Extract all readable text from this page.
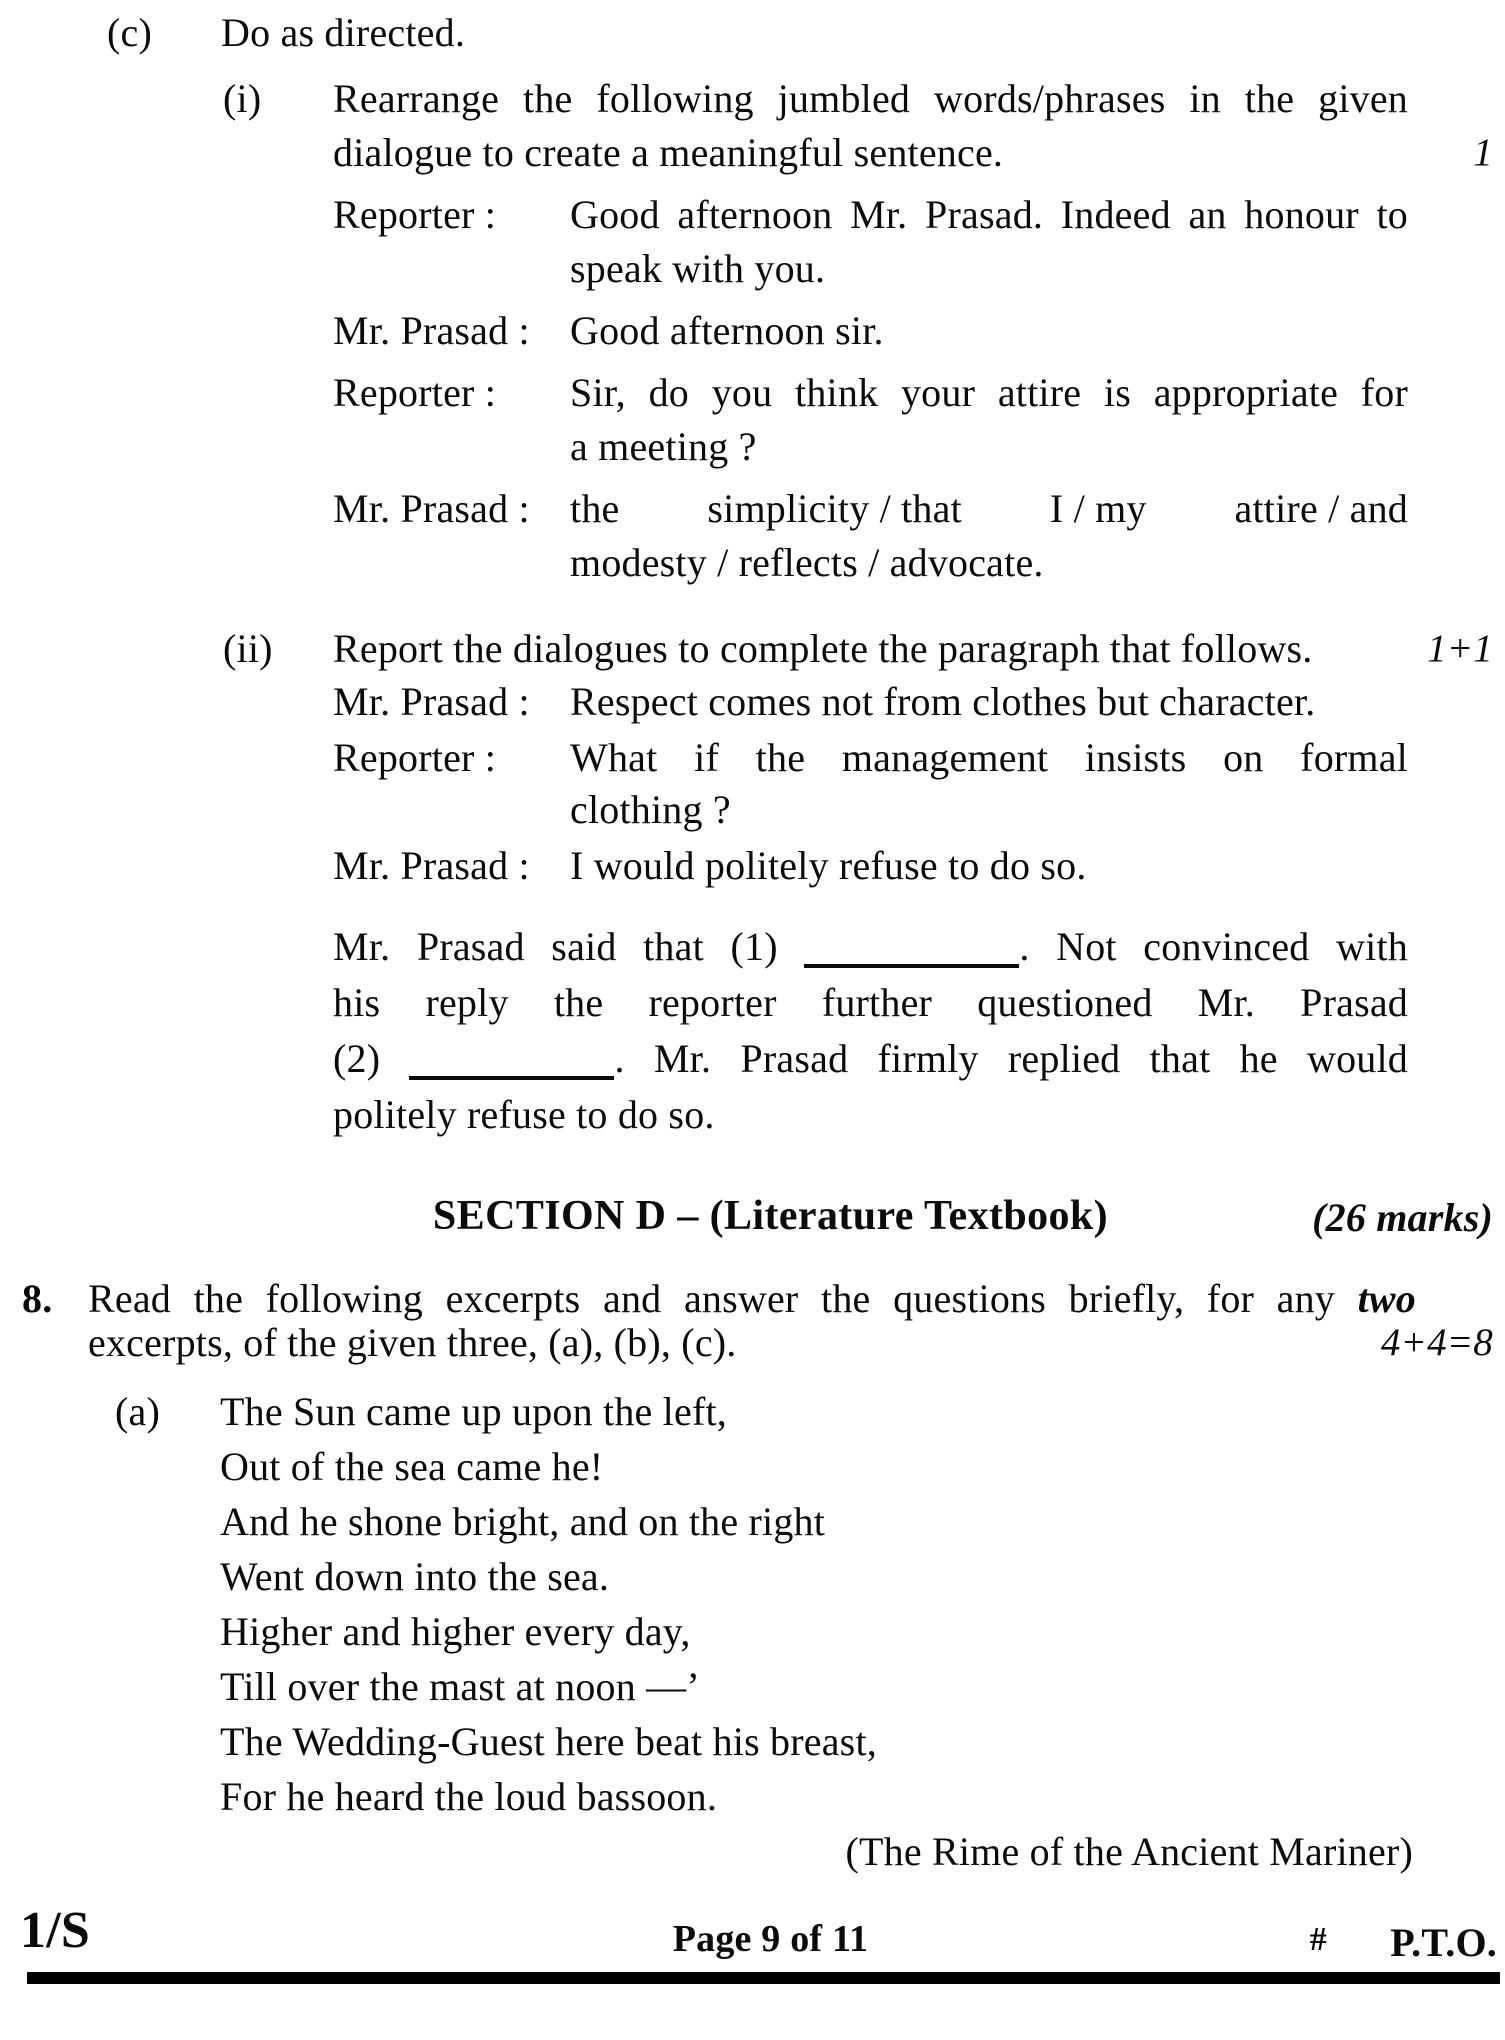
(c) Do as directed.
(i) Rearrange the following jumbled words/phrases in the given
dialogue to create a meaningful sentence.	1
Reporter :	Good afternoon Mr. Prasad. Indeed an honour to
speak with you.
Mr. Prasad :	Good afternoon sir.
Reporter :	Sir, do you think your attire is appropriate for
a meeting ?
Mr. Prasad :	the simplicity / that I / my attire / and
modesty / reflects / advocate.
(ii) Report the dialogues to complete the paragraph that follows.	1+1
Mr. Prasad :	Respect comes not from clothes but character.
Reporter :	What if the management insists on formal
clothing ?
Mr. Prasad :	I would politely refuse to do so.
Mr. Prasad said that (1)	. Not convinced with
his reply the reporter further questioned Mr. Prasad
(2)	. Mr. Prasad firmly replied that he would
politely refuse to do so.
SECTION D – (Literature Textbook)	(26 marks)
8. Read the following excerpts and answer the questions briefly, for any two
excerpts, of the given three, (a), (b), (c).	4+4=8
(a) The Sun came up upon the left,
Out of the sea came he!
And he shone bright, and on the right
Went down into the sea.
Higher and higher every day,
Till over the mast at noon —’
The Wedding-Guest here beat his breast,
For he heard the loud bassoon.
(The Rime of the Ancient Mariner)
1/S	Page 9 of 11	# P.T.O.
